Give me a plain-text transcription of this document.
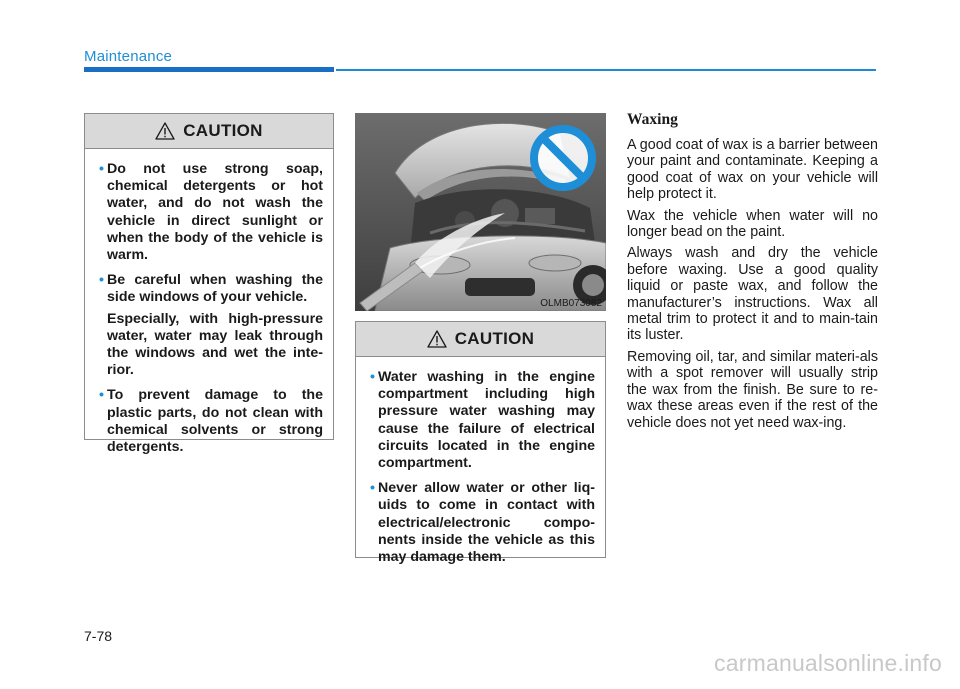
Maintenance
CAUTION
• Do not use strong soap, chemical detergents or hot water, and do not wash the vehicle in direct sunlight or when the body of the vehicle is warm.
• Be careful when washing the side windows of your vehicle.
Especially, with high-pressure water, water may leak through the windows and wet the inte-rior.
• To prevent damage to the plastic parts, do not clean with chemical solvents or strong detergents.
OLMB073082
CAUTION
• Water washing in the engine compartment including high pressure water washing may cause the failure of electrical circuits located in the engine compartment.
• Never allow water or other liq-uids to come in contact with electrical/electronic compo-nents inside the vehicle as this may damage them.
Waxing

A good coat of wax is a barrier between your paint and contaminate. Keeping a good coat of wax on your vehicle will help protect it.

Wax the vehicle when water will no longer bead on the paint.

Always wash and dry the vehicle before waxing. Use a good quality liquid or paste wax, and follow the manufacturer’s instructions. Wax all metal trim to protect it and to main-tain its luster.

Removing oil, tar, and similar materi-als with a spot remover will usually strip the wax from the finish. Be sure to re-wax these areas even if the rest of the vehicle does not yet need wax-ing.

7-78
carmanualsonline.info
